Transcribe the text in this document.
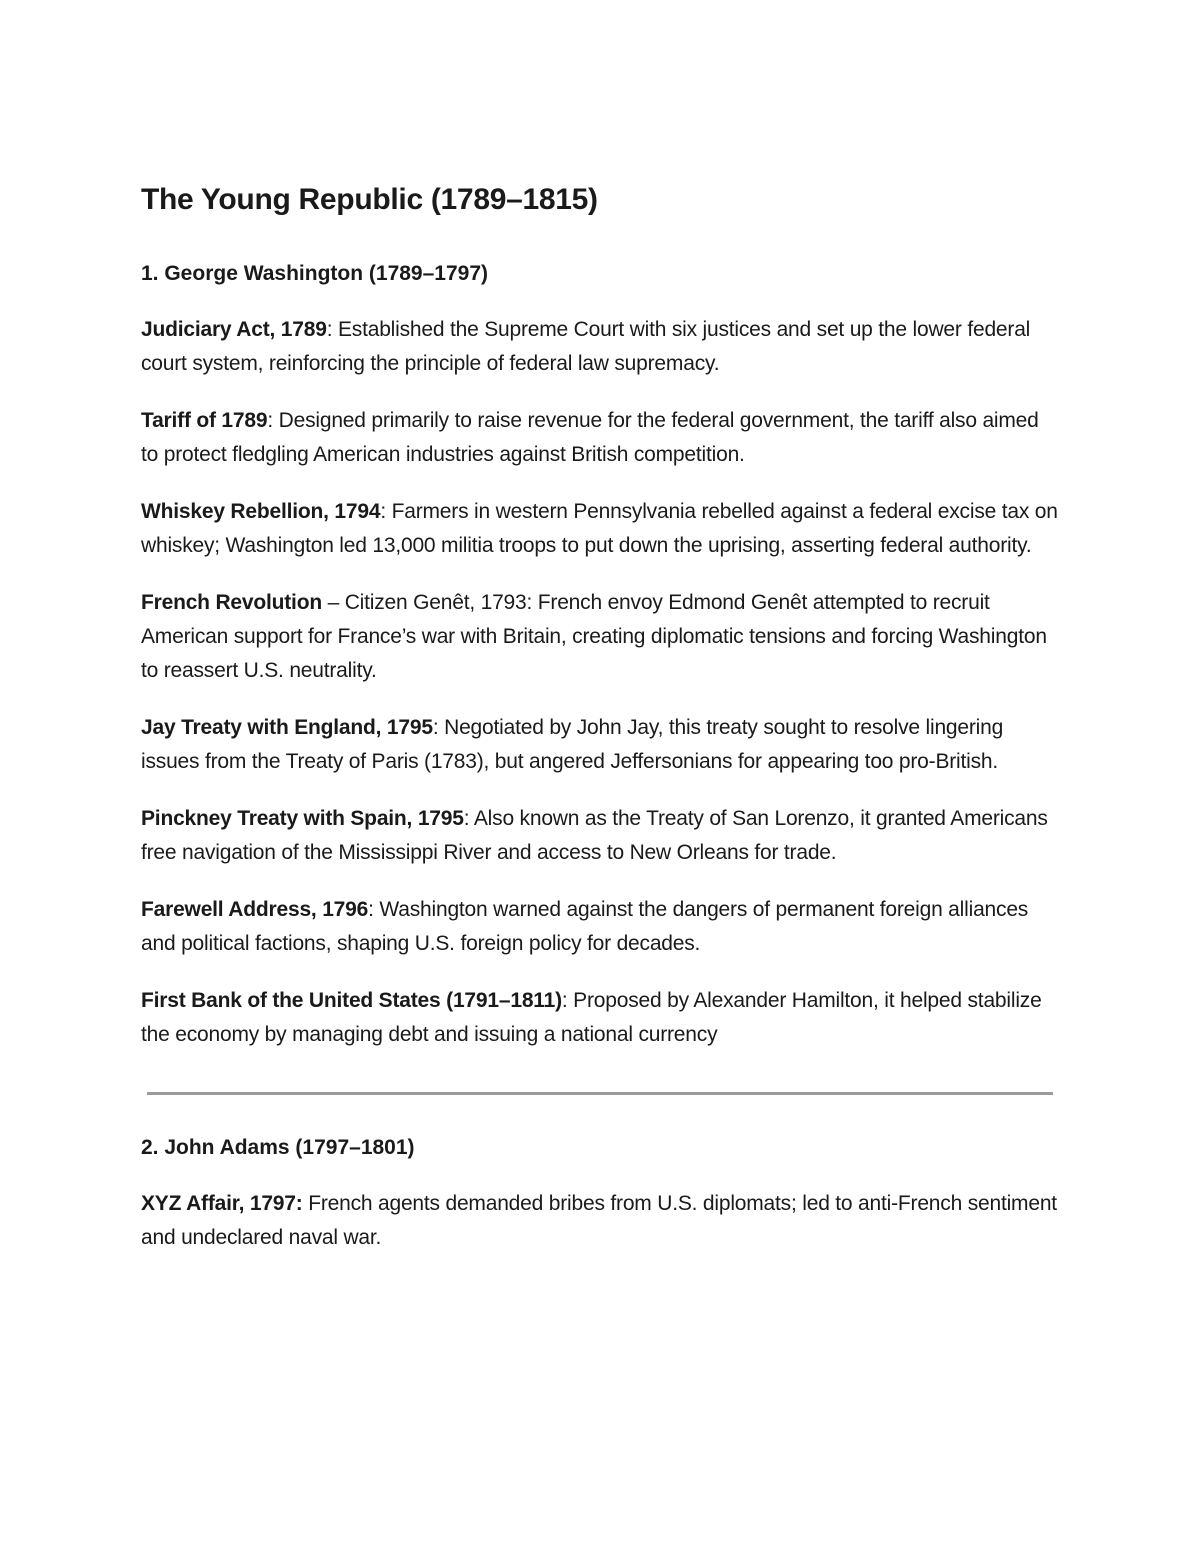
The Young Republic (1789–1815)
1. George Washington (1789–1797)

Judiciary Act, 1789: Established the Supreme Court with six justices and set up the lower federal court system, reinforcing the principle of federal law supremacy.

Tariff of 1789: Designed primarily to raise revenue for the federal government, the tariff also aimed to protect fledgling American industries against British competition.

Whiskey Rebellion, 1794: Farmers in western Pennsylvania rebelled against a federal excise tax on whiskey; Washington led 13,000 militia troops to put down the uprising, asserting federal authority.

French Revolution – Citizen Genêt, 1793: French envoy Edmond Genêt attempted to recruit American support for France’s war with Britain, creating diplomatic tensions and forcing Washington to reassert U.S. neutrality.

Jay Treaty with England, 1795: Negotiated by John Jay, this treaty sought to resolve lingering issues from the Treaty of Paris (1783), but angered Jeffersonians for appearing too pro-British.

Pinckney Treaty with Spain, 1795: Also known as the Treaty of San Lorenzo, it granted Americans free navigation of the Mississippi River and access to New Orleans for trade.

Farewell Address, 1796: Washington warned against the dangers of permanent foreign alliances and political factions, shaping U.S. foreign policy for decades.

First Bank of the United States (1791–1811): Proposed by Alexander Hamilton, it helped stabilize the economy by managing debt and issuing a national currency

2. John Adams (1797–1801)

XYZ Affair, 1797: French agents demanded bribes from U.S. diplomats; led to anti-French sentiment and undeclared naval war.
